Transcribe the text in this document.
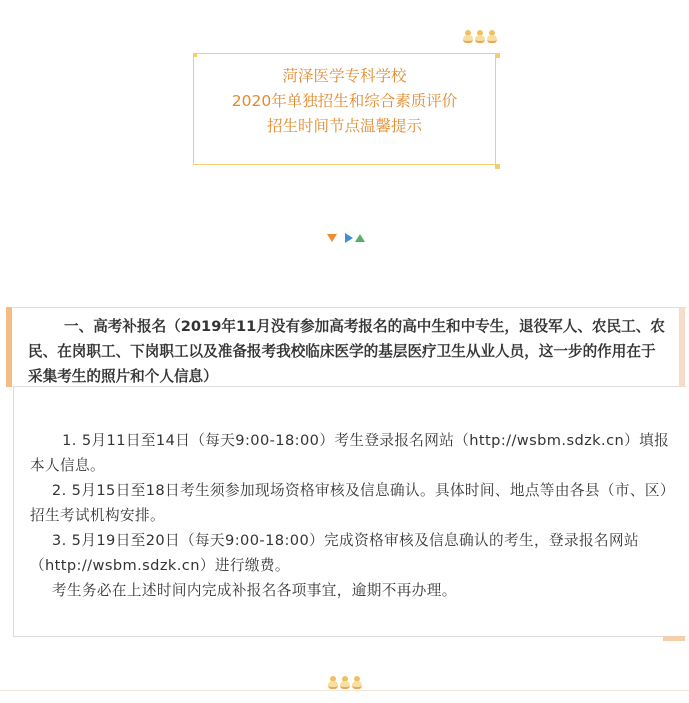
菏泽医学专科学校
2020年单独招生和综合素质评价
招生时间节点温馨提示
一、高考补报名（2019年11月没有参加高考报名的高中生和中专生，退役军人、农民工、农民、在岗职工、下岗职工以及准备报考我校临床医学的基层医疗卫生从业人员，这一步的作用在于采集考生的照片和个人信息）

1. 5月11日至14日（每天9:00-18:00）考生登录报名网站（http://wsbm.sdzk.cn）填报本人信息。

2. 5月15日至18日考生须参加现场资格审核及信息确认。具体时间、地点等由各县（市、区）招生考试机构安排。

3. 5月19日至20日（每天9:00-18:00）完成资格审核及信息确认的考生，登录报名网站（http://wsbm.sdzk.cn）进行缴费。

考生务必在上述时间内完成补报名各项事宜，逾期不再办理。
